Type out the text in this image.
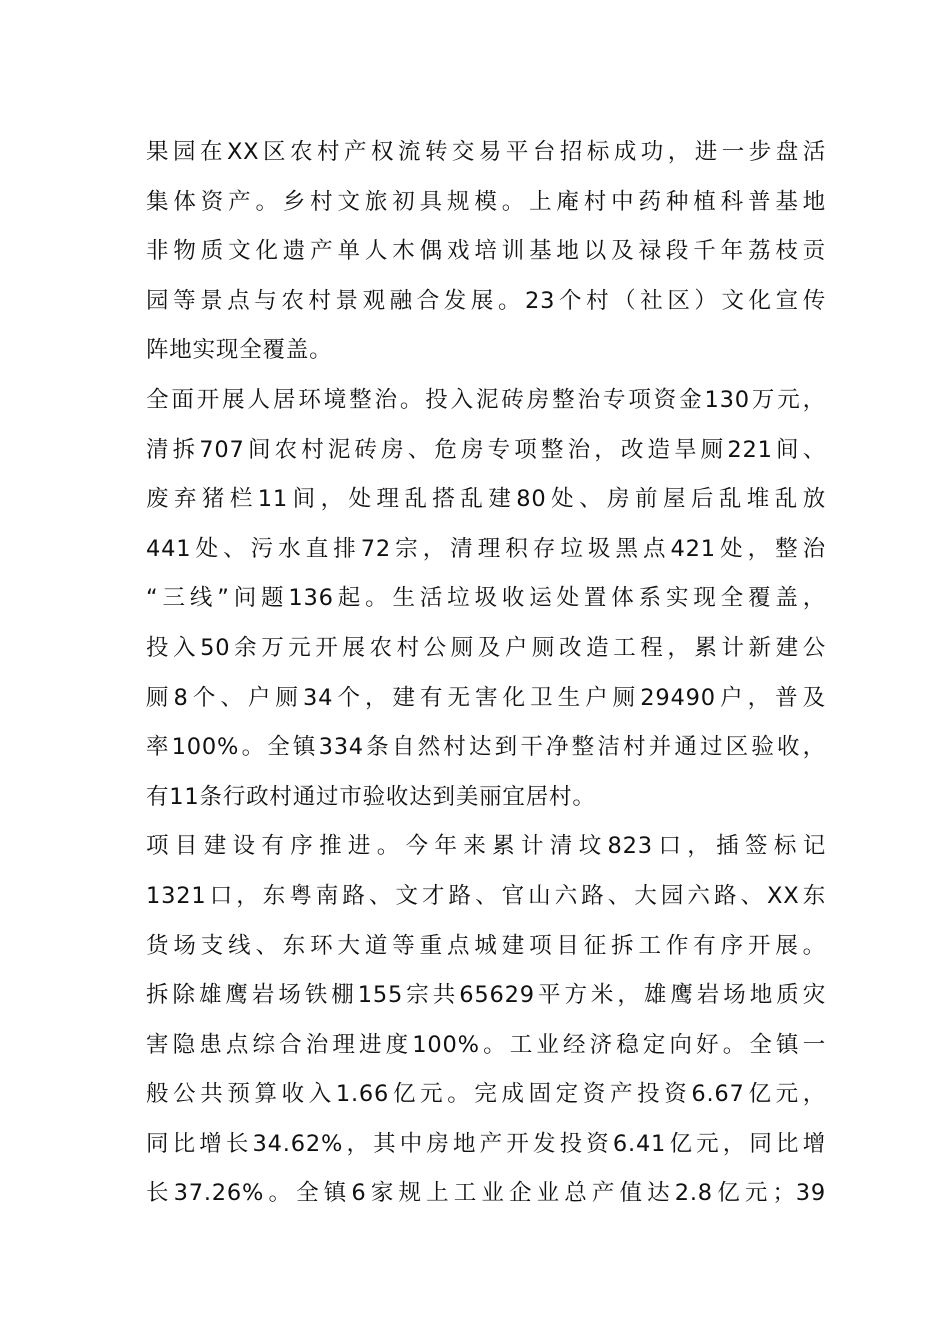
果园在XX区农村产权流转交易平台招标成功，进一步盘活
集体资产。乡村文旅初具规模。上庵村中药种植科普基地
非物质文化遗产单人木偶戏培训基地以及禄段千年荔枝贡
园等景点与农村景观融合发展。23个村（社区）文化宣传
阵地实现全覆盖。
全面开展人居环境整治。投入泥砖房整治专项资金130万元，
清拆707间农村泥砖房、危房专项整治，改造旱厕221间、
废弃猪栏11间，处理乱搭乱建80处、房前屋后乱堆乱放
441处、污水直排72宗，清理积存垃圾黑点421处，整治
“三线”问题136起。生活垃圾收运处置体系实现全覆盖，
投入50余万元开展农村公厕及户厕改造工程，累计新建公
厕8个、户厕34个，建有无害化卫生户厕29490户，普及
率100%。全镇334条自然村达到干净整洁村并通过区验收，
有11条行政村通过市验收达到美丽宜居村。
项目建设有序推进。今年来累计清坟823口，插签标记
1321口，东粤南路、文才路、官山六路、大园六路、XX东
货场支线、东环大道等重点城建项目征拆工作有序开展。
拆除雄鹰岩场铁棚155宗共65629平方米，雄鹰岩场地质灾
害隐患点综合治理进度100%。工业经济稳定向好。全镇一
般公共预算收入1.66亿元。完成固定资产投资6.67亿元，
同比增长34.62%，其中房地产开发投资6.41亿元，同比增
长37.26%。全镇6家规上工业企业总产值达2.8亿元；39
